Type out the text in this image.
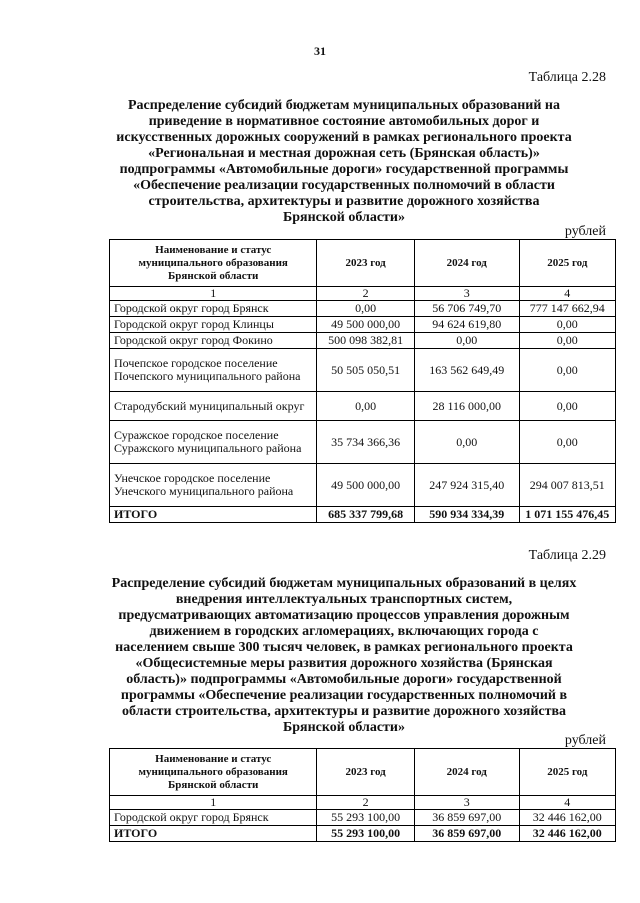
31
Таблица 2.28
Распределение субсидий бюджетам муниципальных образований на
приведение в нормативное состояние автомобильных дорог и
искусственных дорожных сооружений в рамках регионального проекта
«Региональная и местная дорожная сеть (Брянская область)»
подпрограммы «Автомобильные дороги» государственной программы
«Обеспечение реализации государственных полномочий в области
строительства, архитектуры и развитие дорожного хозяйства
Брянской области»
рублей
Наименование и статус муниципального образования Брянской области	2023 год	2024 год	2025 год
1	2	3	4
Городской округ город Брянск	0,00	56 706 749,70	777 147 662,94
Городской округ город Клинцы	49 500 000,00	94 624 619,80	0,00
Городской округ город Фокино	500 098 382,81	0,00	0,00
Почепское городское поселение Почепского муниципального района	50 505 050,51	163 562 649,49	0,00
Стародубский муниципальный округ	0,00	28 116 000,00	0,00
Суражское городское поселение Суражского муниципального района	35 734 366,36	0,00	0,00
Унечское городское поселение Унечского муниципального района	49 500 000,00	247 924 315,40	294 007 813,51
ИТОГО	685 337 799,68	590 934 334,39	1 071 155 476,45
Таблица 2.29
Распределение субсидий бюджетам муниципальных образований в целях
внедрения интеллектуальных транспортных систем,
предусматривающих автоматизацию процессов управления дорожным
движением в городских агломерациях, включающих города с
населением свыше 300 тысяч человек, в рамках регионального проекта
«Общесистемные меры развития дорожного хозяйства (Брянская
область)» подпрограммы «Автомобильные дороги» государственной
программы «Обеспечение реализации государственных полномочий в
области строительства, архитектуры и развитие дорожного хозяйства
Брянской области»
рублей
Наименование и статус муниципального образования Брянской области	2023 год	2024 год	2025 год
1	2	3	4
Городской округ город Брянск	55 293 100,00	36 859 697,00	32 446 162,00
ИТОГО	55 293 100,00	36 859 697,00	32 446 162,00
